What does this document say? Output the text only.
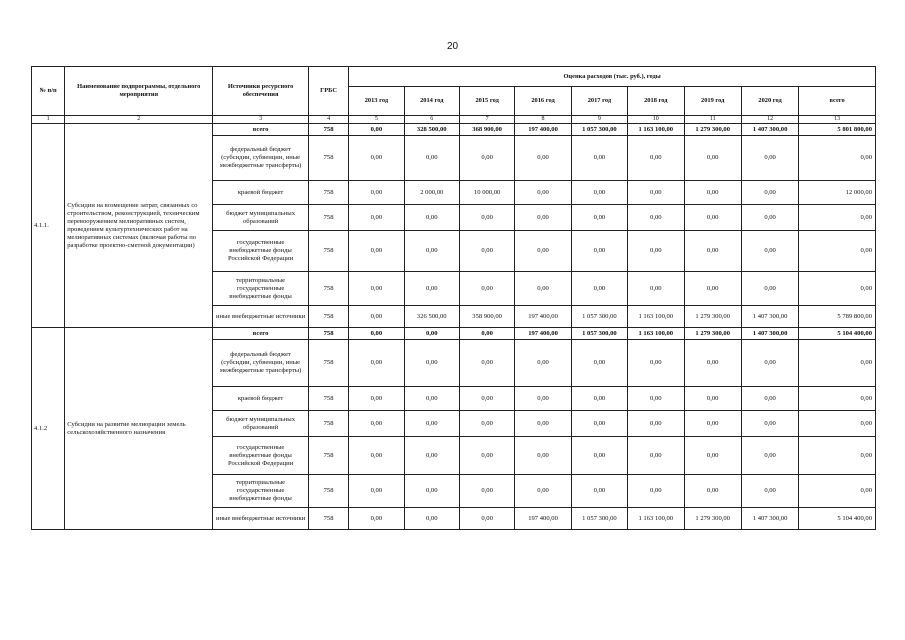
20
№ п/п	Наименование подпрограммы, отдельного мероприятия	Источники ресурсного обеспечения	ГРБС	Оценка расходов (тыс. руб.), годы								
				2013 год	2014 год	2015 год	2016 год	2017 год	2018 год	2019 год	2020 год	всего
1	2	3	4	5	6	7	8	9	10	11	12	13
4.1.1.	Субсидии на возмещение затрат, связанных со строительством, реконструкцией, техническим перевооружением мелиоративных систем, проведением культуртехнических работ на мелиоративных системах (включая работы по разработке проектно-сметной документации)	всего	758	0,00	328 500,00	368 900,00	197 400,00	1 057 300,00	1 163 100,00	1 279 300,00	1 407 300,00	5 801 800,00
		федеральный бюджет (субсидии, субвенции, иные межбюджетные трансферты)	758	0,00	0,00	0,00	0,00	0,00	0,00	0,00	0,00	0,00
		краевой бюджет	758	0,00	2 000,00	10 000,00	0,00	0,00	0,00	0,00	0,00	12 000,00
		бюджет муниципальных образований	758	0,00	0,00	0,00	0,00	0,00	0,00	0,00	0,00	0,00
		государственные внебюджетные фонды Российской Федерации	758	0,00	0,00	0,00	0,00	0,00	0,00	0,00	0,00	0,00
		территориальные государственные внебюджетные фонды	758	0,00	0,00	0,00	0,00	0,00	0,00	0,00	0,00	0,00
		иные внебюджетные источники	758	0,00	326 500,00	358 900,00	197 400,00	1 057 300,00	1 163 100,00	1 279 300,00	1 407 300,00	5 789 800,00
4.1.2	Субсидии на развитие мелиорации земель сельскохозяйственного назначения	всего	758	0,00	0,00	0,00	197 400,00	1 057 300,00	1 163 100,00	1 279 300,00	1 407 300,00	5 104 400,00
		федеральный бюджет (субсидии, субвенции, иные межбюджетные трансферты)	758	0,00	0,00	0,00	0,00	0,00	0,00	0,00	0,00	0,00
		краевой бюджет	758	0,00	0,00	0,00	0,00	0,00	0,00	0,00	0,00	0,00
		бюджет муниципальных образований	758	0,00	0,00	0,00	0,00	0,00	0,00	0,00	0,00	0,00
		государственные внебюджетные фонды Российской Федерации	758	0,00	0,00	0,00	0,00	0,00	0,00	0,00	0,00	0,00
		территориальные государственные внебюджетные фонды	758	0,00	0,00	0,00	0,00	0,00	0,00	0,00	0,00	0,00
		иные внебюджетные источники	758	0,00	0,00	0,00	197 400,00	1 057 300,00	1 163 100,00	1 279 300,00	1 407 300,00	5 104 400,00
